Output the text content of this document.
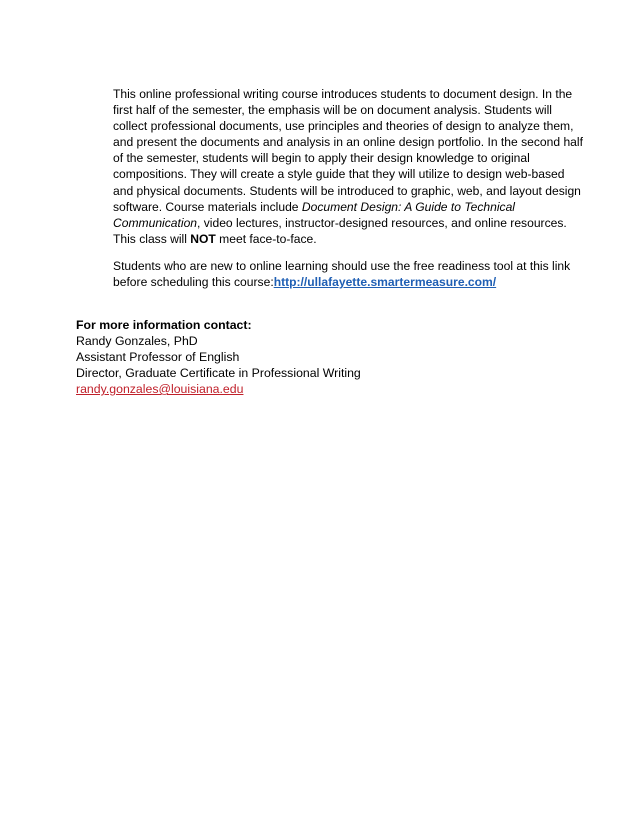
This online professional writing course introduces students to document design. In the
first half of the semester, the emphasis will be on document analysis. Students will
collect professional documents, use principles and theories of design to analyze them,
and present the documents and analysis in an online design portfolio. In the second half
of the semester, students will begin to apply their design knowledge to original
compositions. They will create a style guide that they will utilize to design web-based
and physical documents. Students will be introduced to graphic, web, and layout design
software. Course materials include Document Design: A Guide to Technical
Communication, video lectures, instructor-designed resources, and online resources.
This class will NOT meet face-to-face.
Students who are new to online learning should use the free readiness tool at this link
before scheduling this course:http://ullafayette.smartermeasure.com/
For more information contact:
Randy Gonzales, PhD
Assistant Professor of English
Director, Graduate Certificate in Professional Writing
randy.gonzales@louisiana.edu
